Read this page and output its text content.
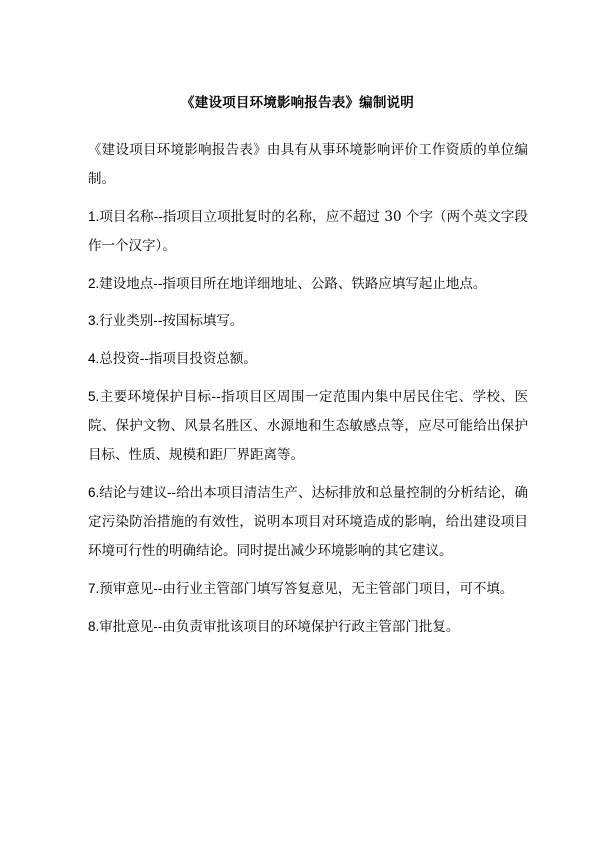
《建设项目环境影响报告表》编制说明

《建设项目环境影响报告表》由具有从事环境影响评价工作资质的单位编制。

1.项目名称--指项目立项批复时的名称，应不超过 30 个字（两个英文字段作一个汉字）。

2.建设地点--指项目所在地详细地址、公路、铁路应填写起止地点。

3.行业类别--按国标填写。

4.总投资--指项目投资总额。

5.主要环境保护目标--指项目区周围一定范围内集中居民住宅、学校、医院、保护文物、风景名胜区、水源地和生态敏感点等，应尽可能给出保护目标、性质、规模和距厂界距离等。

6.结论与建议--给出本项目清洁生产、达标排放和总量控制的分析结论，确定污染防治措施的有效性，说明本项目对环境造成的影响，给出建设项目环境可行性的明确结论。同时提出减少环境影响的其它建议。

7.预审意见--由行业主管部门填写答复意见，无主管部门项目，可不填。

8.审批意见--由负责审批该项目的环境保护行政主管部门批复。
